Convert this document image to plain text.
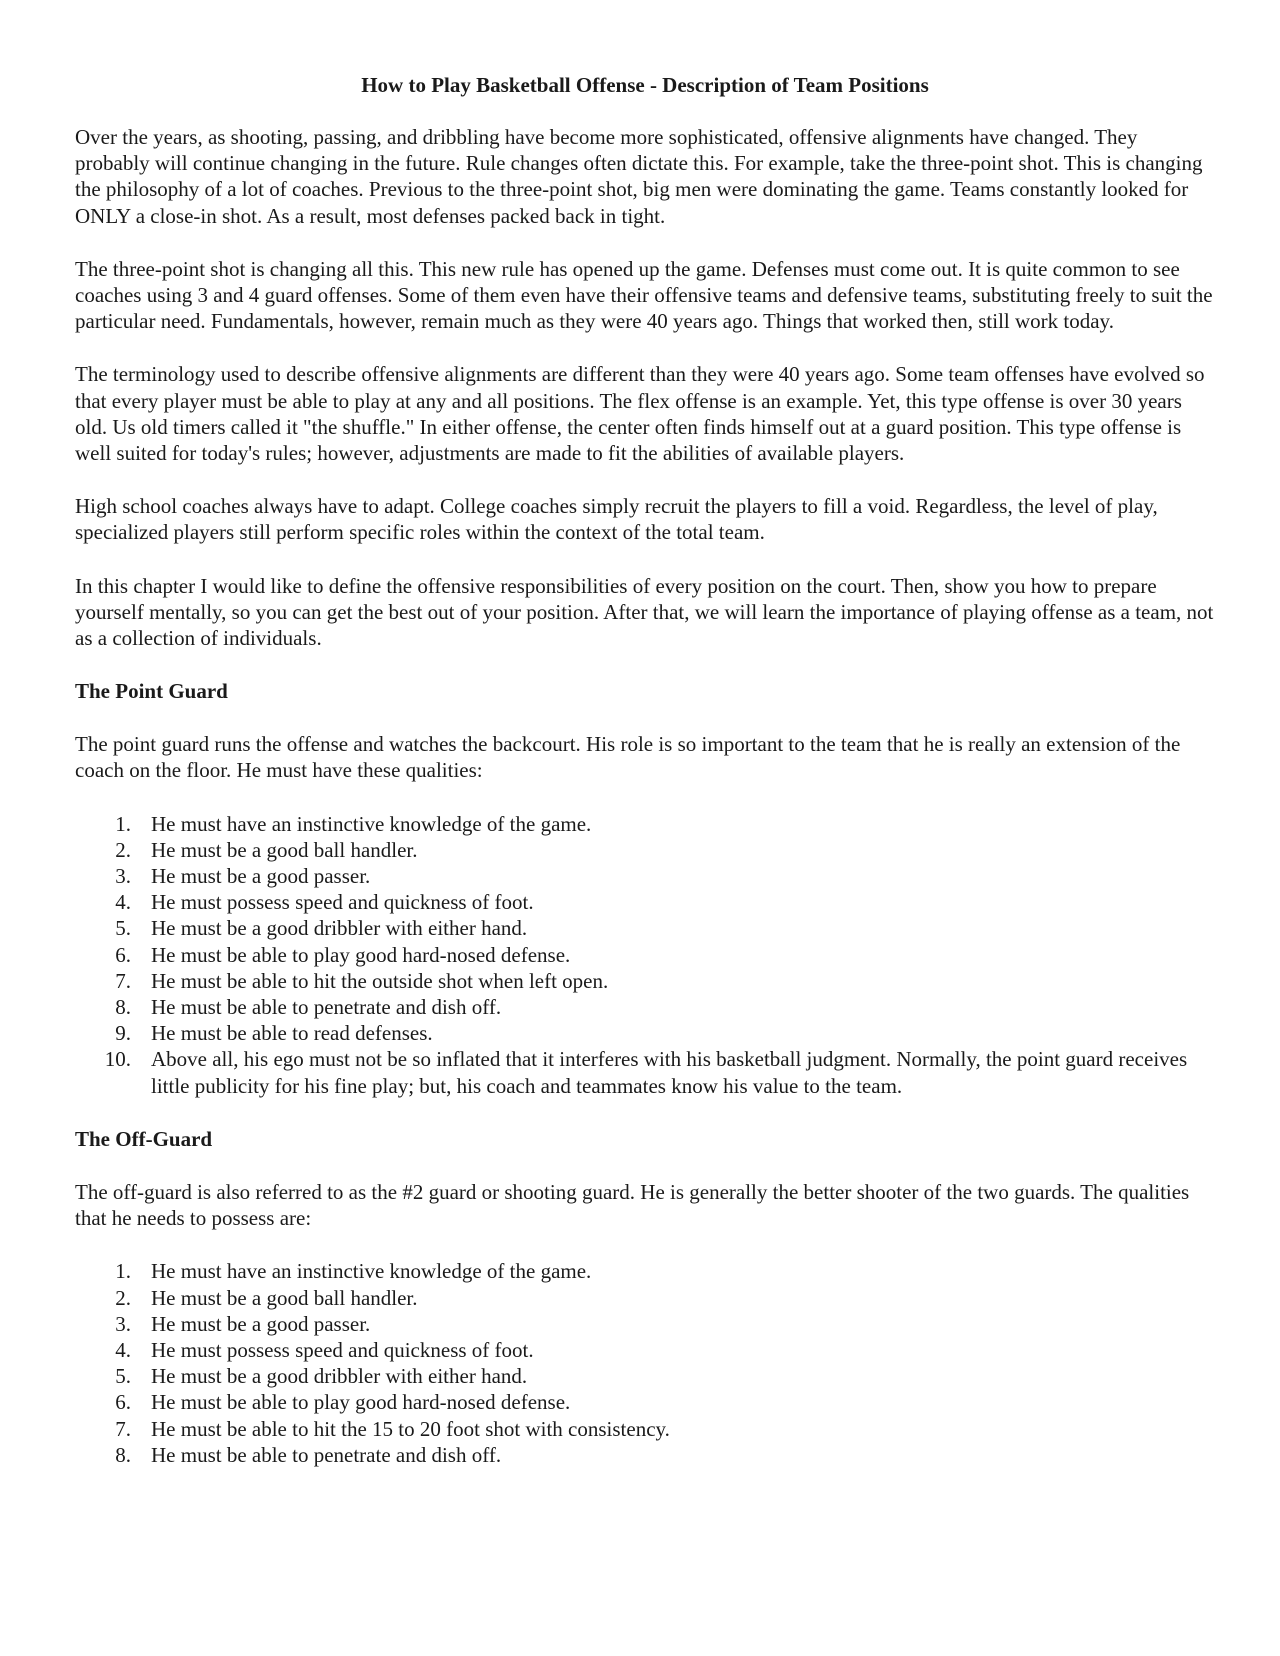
How to Play Basketball Offense - Description of Team Positions

Over the years, as shooting, passing, and dribbling have become more sophisticated, offensive alignments have changed. They probably will continue changing in the future. Rule changes often dictate this. For example, take the three-point shot. This is changing the philosophy of a lot of coaches. Previous to the three-point shot, big men were dominating the game. Teams constantly looked for ONLY a close-in shot. As a result, most defenses packed back in tight.

The three-point shot is changing all this. This new rule has opened up the game. Defenses must come out. It is quite common to see coaches using 3 and 4 guard offenses. Some of them even have their offensive teams and defensive teams, substituting freely to suit the particular need. Fundamentals, however, remain much as they were 40 years ago. Things that worked then, still work today.

The terminology used to describe offensive alignments are different than they were 40 years ago. Some team offenses have evolved so that every player must be able to play at any and all positions. The flex offense is an example. Yet, this type offense is over 30 years old. Us old timers called it "the shuffle." In either offense, the center often finds himself out at a guard position. This type offense is well suited for today's rules; however, adjustments are made to fit the abilities of available players.

High school coaches always have to adapt. College coaches simply recruit the players to fill a void. Regardless, the level of play, specialized players still perform specific roles within the context of the total team.

In this chapter I would like to define the offensive responsibilities of every position on the court. Then, show you how to prepare yourself mentally, so you can get the best out of your position. After that, we will learn the importance of playing offense as a team, not as a collection of individuals.

The Point Guard

The point guard runs the offense and watches the backcourt. His role is so important to the team that he is really an extension of the coach on the floor. He must have these qualities:

1. He must have an instinctive knowledge of the game.
2. He must be a good ball handler.
3. He must be a good passer.
4. He must possess speed and quickness of foot.
5. He must be a good dribbler with either hand.
6. He must be able to play good hard-nosed defense.
7. He must be able to hit the outside shot when left open.
8. He must be able to penetrate and dish off.
9. He must be able to read defenses.
10. Above all, his ego must not be so inflated that it interferes with his basketball judgment. Normally, the point guard receives little publicity for his fine play; but, his coach and teammates know his value to the team.
The Off-Guard

The off-guard is also referred to as the #2 guard or shooting guard. He is generally the better shooter of the two guards. The qualities that he needs to possess are:

1. He must have an instinctive knowledge of the game.
2. He must be a good ball handler.
3. He must be a good passer.
4. He must possess speed and quickness of foot.
5. He must be a good dribbler with either hand.
6. He must be able to play good hard-nosed defense.
7. He must be able to hit the 15 to 20 foot shot with consistency.
8. He must be able to penetrate and dish off.
